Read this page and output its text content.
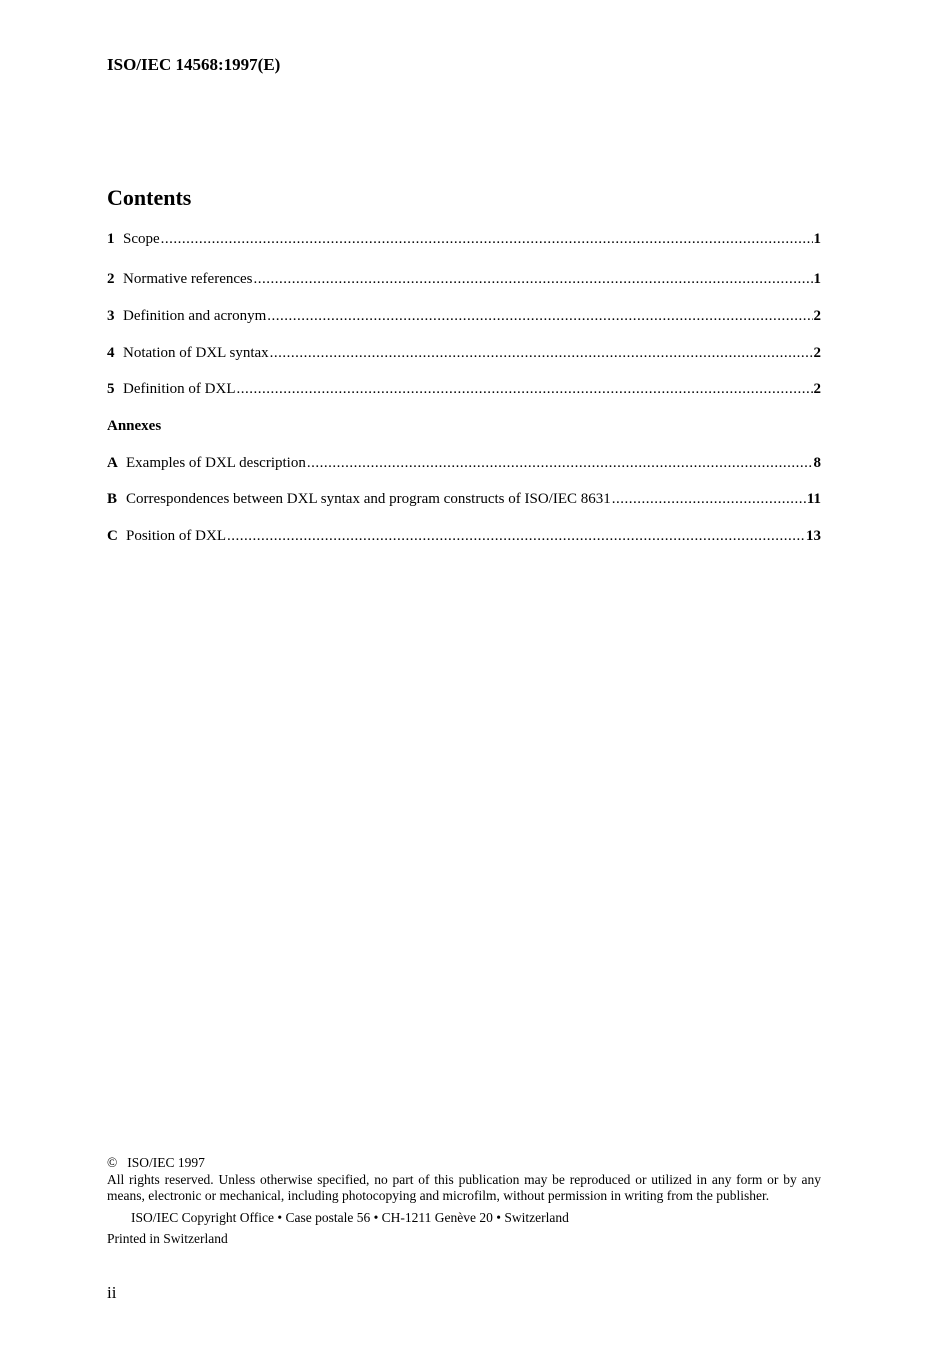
ISO/IEC 14568:1997(E)
Contents
1 Scope .....	1
2 Normative references .....	1
3 Definition and acronym .....	2
4 Notation of DXL syntax .....	2
5 Definition of DXL .....	2
Annexes
A Examples of DXL description .....	8
B Correspondences between DXL syntax and program constructs of ISO/IEC 8631 .....	11
C Position of DXL .....	13
© ISO/IEC 1997
All rights reserved. Unless otherwise specified, no part of this publication may be reproduced or utilized in any form or by any means, electronic or mechanical, including photocopying and microfilm, without permission in writing from the publisher.
ISO/IEC Copyright Office • Case postale 56 • CH-1211 Genève 20 • Switzerland
Printed in Switzerland
ii
